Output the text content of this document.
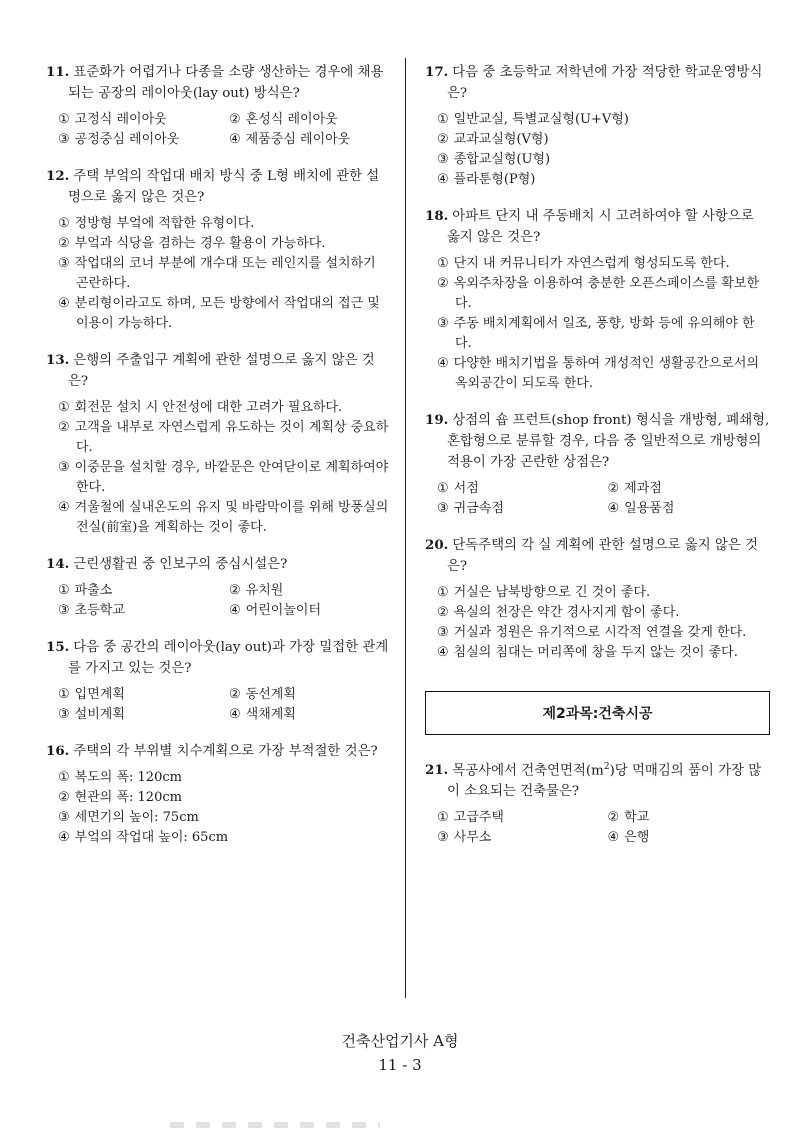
11. 표준화가 어렵거나 다종을 소량 생산하는 경우에 채용되는 공장의 레이아웃(lay out) 방식은?

① 고정식 레이아웃	② 혼성식 레이아웃
③ 공정중심 레이아웃	④ 제품중심 레이아웃

12. 주택 부엌의 작업대 배치 방식 중 L형 배치에 관한 설명으로 옳지 않은 것은?

① 정방형 부엌에 적합한 유형이다.
② 부엌과 식당을 겸하는 경우 활용이 가능하다.
③ 작업대의 코너 부분에 개수대 또는 레인지를 설치하기 곤란하다.
④ 분리형이라고도 하며, 모든 방향에서 작업대의 접근 및 이용이 가능하다.

13. 은행의 주출입구 계획에 관한 설명으로 옳지 않은 것은?

① 회전문 설치 시 안전성에 대한 고려가 필요하다.
② 고객을 내부로 자연스럽게 유도하는 것이 계획상 중요하다.
③ 이중문을 설치할 경우, 바깥문은 안여닫이로 계획하여야 한다.
④ 겨울철에 실내온도의 유지 및 바람막이를 위해 방풍실의 전실(前室)을 계획하는 것이 좋다.

14. 근린생활권 중 인보구의 중심시설은?

① 파출소	② 유치원
③ 초등학교	④ 어린이놀이터

15. 다음 중 공간의 레이아웃(lay out)과 가장 밀접한 관계를 가지고 있는 것은?

① 입면계획	② 동선계획
③ 설비계획	④ 색채계획

16. 주택의 각 부위별 치수계획으로 가장 부적절한 것은?

① 복도의 폭: 120cm
② 현관의 폭: 120cm
③ 세면기의 높이: 75cm
④ 부엌의 작업대 높이: 65cm

17. 다음 중 초등학교 저학년에 가장 적당한 학교운영방식은?

① 일반교실, 특별교실형(U+V형)
② 교과교실형(V형)
③ 종합교실형(U형)
④ 플라툰형(P형)

18. 아파트 단지 내 주동배치 시 고려하여야 할 사항으로 옳지 않은 것은?

① 단지 내 커뮤니티가 자연스럽게 형성되도록 한다.
② 옥외주차장을 이용하여 충분한 오픈스페이스를 확보한다.
③ 주동 배치계획에서 일조, 풍향, 방화 등에 유의해야 한다.
④ 다양한 배치기법을 통하여 개성적인 생활공간으로서의 옥외공간이 되도록 한다.

19. 상점의 숍 프런트(shop front) 형식을 개방형, 폐쇄형, 혼합형으로 분류할 경우, 다음 중 일반적으로 개방형의 적용이 가장 곤란한 상점은?

① 서점	② 제과점
③ 귀금속점	④ 일용품점

20. 단독주택의 각 실 계획에 관한 설명으로 옳지 않은 것은?

① 거실은 남북방향으로 긴 것이 좋다.
② 욕실의 천장은 약간 경사지게 함이 좋다.
③ 거실과 정원은 유기적으로 시각적 연결을 갖게 한다.
④ 침실의 침대는 머리쪽에 창을 두지 않는 것이 좋다.
제2과목:건축시공

21. 목공사에서 건축연면적$(m^2)$당 먹매김의 품이 가장 많이 소요되는 건축물은?

① 고급주택	② 학교
③ 사무소	④ 은행
건축산업기사 A형
11 - 3
